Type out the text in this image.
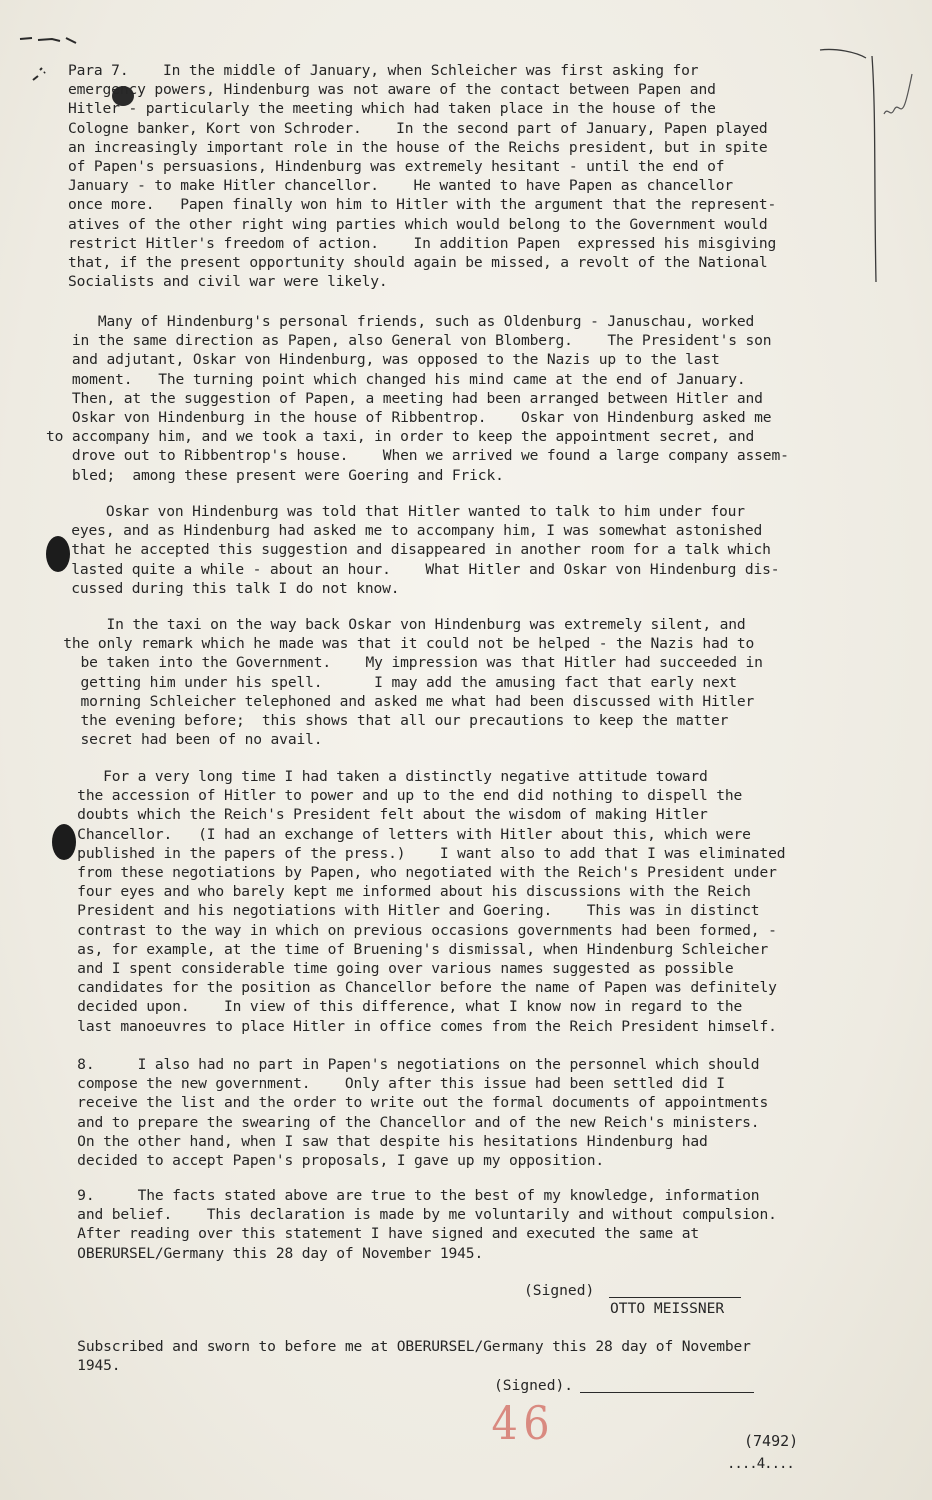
Para 7.    In the middle of January, when Schleicher was first asking for
emergency powers, Hindenburg was not aware of the contact between Papen and
Hitler - particularly the meeting which had taken place in the house of the
Cologne banker, Kort von Schroder.    In the second part of January, Papen played
an increasingly important role in the house of the Reichs president, but in spite
of Papen's persuasions, Hindenburg was extremely hesitant - until the end of
January - to make Hitler chancellor.    He wanted to have Papen as chancellor
once more.   Papen finally won him to Hitler with the argument that the represent-
atives of the other right wing parties which would belong to the Government would
restrict Hitler's freedom of action.    In addition Papen  expressed his misgiving
that, if the present opportunity should again be missed, a revolt of the National
Socialists and civil war were likely.
Many of Hindenburg's personal friends, such as Oldenburg - Januschau, worked
in the same direction as Papen, also General von Blomberg.    The President's son
and adjutant, Oskar von Hindenburg, was opposed to the Nazis up to the last
moment.   The turning point which changed his mind came at the end of January.
Then, at the suggestion of Papen, a meeting had been arranged between Hitler and
Oskar von Hindenburg in the house of Ribbentrop.    Oskar von Hindenburg asked me
to accompany him, and we took a taxi, in order to keep the appointment secret, and
drove out to Ribbentrop's house.    When we arrived we found a large company assem-
bled;  among these present were Goering and Frick.
Oskar von Hindenburg was told that Hitler wanted to talk to him under four
eyes, and as Hindenburg had asked me to accompany him, I was somewhat astonished
that he accepted this suggestion and disappeared in another room for a talk which
lasted quite a while - about an hour.    What Hitler and Oskar von Hindenburg dis-
cussed during this talk I do not know.
In the taxi on the way back Oskar von Hindenburg was extremely silent, and
the only remark which he made was that it could not be helped - the Nazis had to
be taken into the Government.    My impression was that Hitler had succeeded in
getting him under his spell.      I may add the amusing fact that early next
morning Schleicher telephoned and asked me what had been discussed with Hitler
the evening before;  this shows that all our precautions to keep the matter
secret had been of no avail.
For a very long time I had taken a distinctly negative attitude toward
the accession of Hitler to power and up to the end did nothing to dispell the
doubts which the Reich's President felt about the wisdom of making Hitler
Chancellor.   (I had an exchange of letters with Hitler about this, which were
published in the papers of the press.)    I want also to add that I was eliminated
from these negotiations by Papen, who negotiated with the Reich's President under
four eyes and who barely kept me informed about his discussions with the Reich
President and his negotiations with Hitler and Goering.    This was in distinct
contrast to the way in which on previous occasions governments had been formed, -
as, for example, at the time of Bruening's dismissal, when Hindenburg Schleicher
and I spent considerable time going over various names suggested as possible
candidates for the position as Chancellor before the name of Papen was definitely
decided upon.    In view of this difference, what I know now in regard to the
last manoeuvres to place Hitler in office comes from the Reich President himself.
8.     I also had no part in Papen's negotiations on the personnel which should
compose the new government.    Only after this issue had been settled did I
receive the list and the order to write out the formal documents of appointments
and to prepare the swearing of the Chancellor and of the new Reich's ministers.
On the other hand, when I saw that despite his hesitations Hindenburg had
decided to accept Papen's proposals, I gave up my opposition.
9.     The facts stated above are true to the best of my knowledge, information
and belief.    This declaration is made by me voluntarily and without compulsion.
After reading over this statement I have signed and executed the same at
OBERURSEL/Germany this 28 day of November 1945.
(Signed)
OTTO MEISSNER
Subscribed and sworn to before me at OBERURSEL/Germany this 28 day of November
1945.
(Signed).
46	(7492)
....4....
